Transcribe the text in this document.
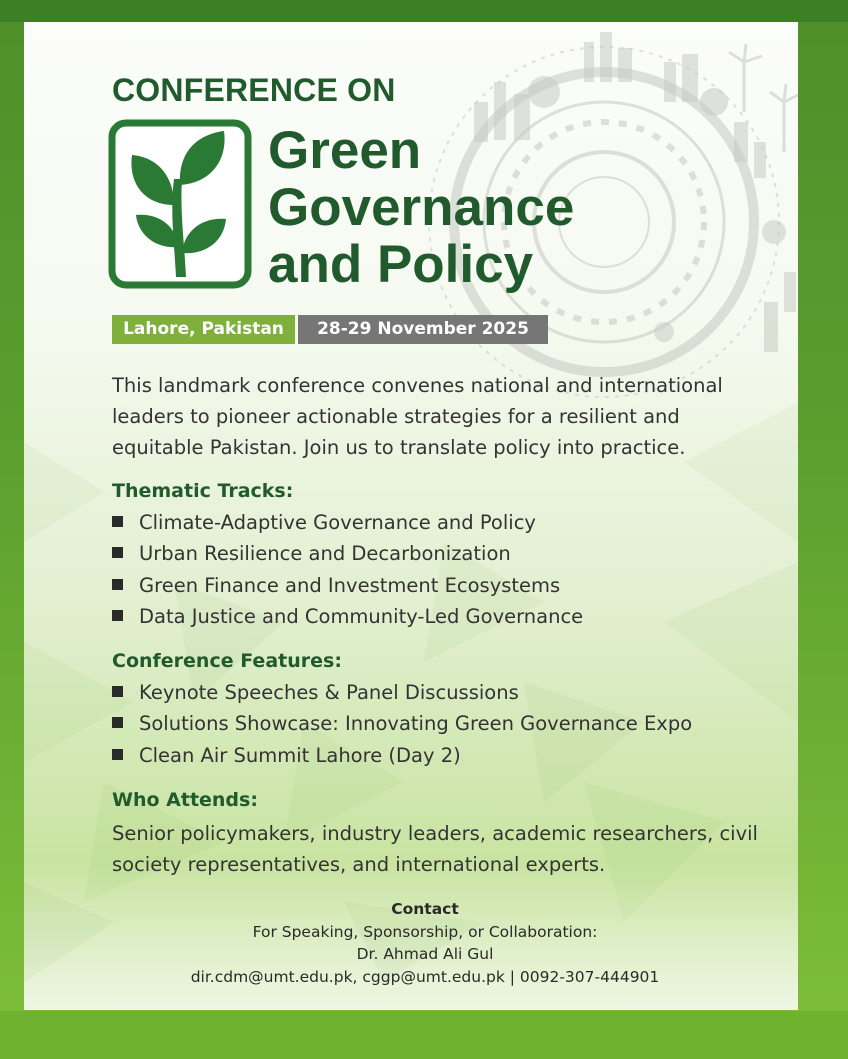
CONFERENCE ON
Green
Governance
and Policy
Lahore, Pakistan	28-29 November 2025

This landmark conference convenes national and international leaders to pioneer actionable strategies for a resilient and equitable Pakistan. Join us to translate policy into practice.

Thematic Tracks:
Climate-Adaptive Governance and Policy
Urban Resilience and Decarbonization
Green Finance and Investment Ecosystems
Data Justice and Community-Led Governance
Conference Features:
Keynote Speeches & Panel Discussions
Solutions Showcase: Innovating Green Governance Expo
Clean Air Summit Lahore (Day 2)
Who Attends:

Senior policymakers, industry leaders, academic researchers, civil society representatives, and international experts.

Contact
For Speaking, Sponsorship, or Collaboration:
Dr. Ahmad Ali Gul
dir.cdm@umt.edu.pk, cggp@umt.edu.pk | 0092-307-444901
